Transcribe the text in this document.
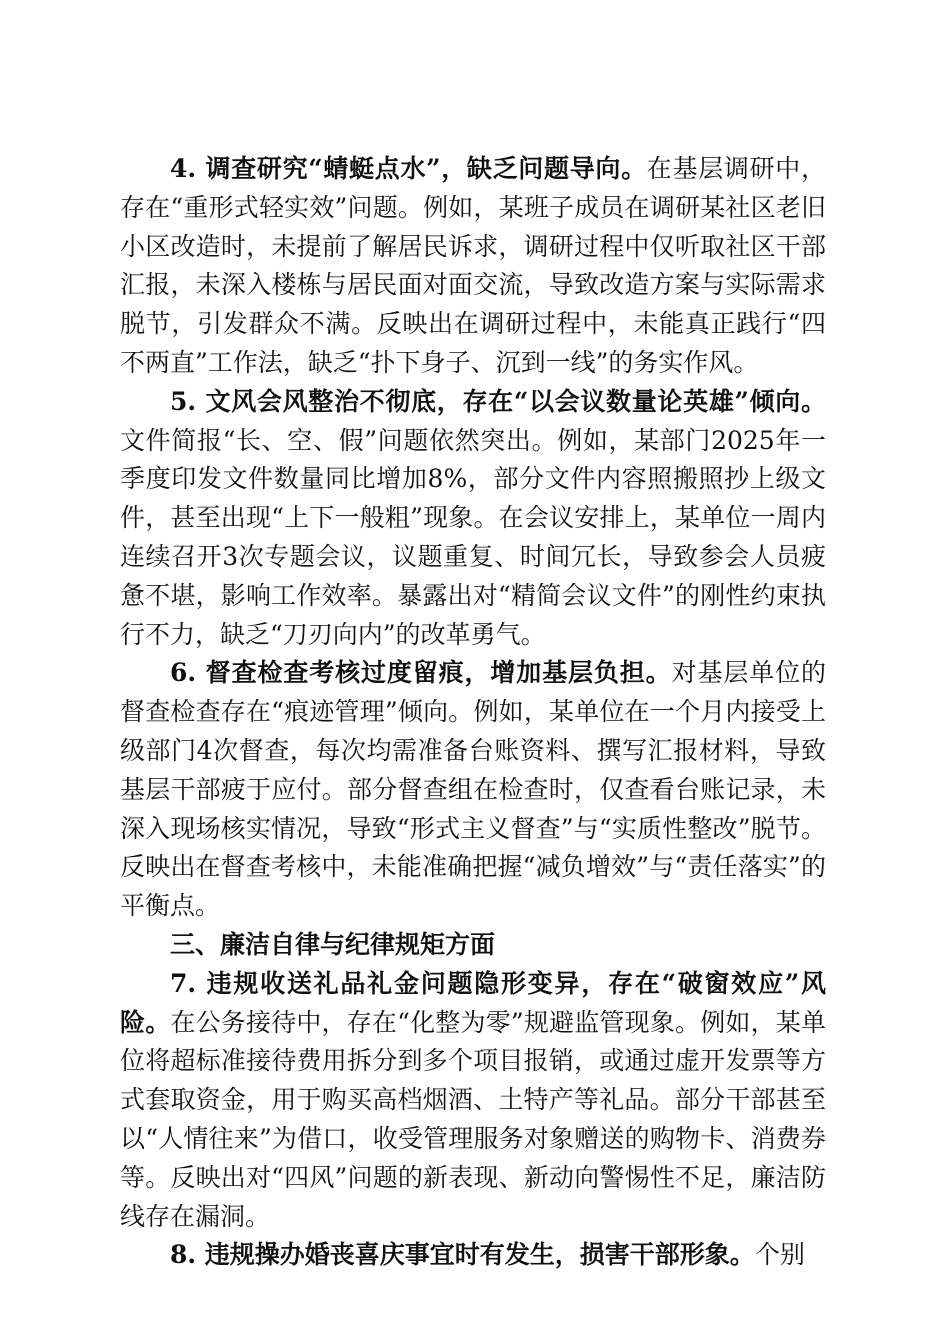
4. 调查研究“蜻蜓点水”，缺乏问题导向。在基层调研中，存在“重形式轻实效”问题。例如，某班子成员在调研某社区老旧小区改造时，未提前了解居民诉求，调研过程中仅听取社区干部汇报，未深入楼栋与居民面对面交流，导致改造方案与实际需求脱节，引发群众不满。反映出在调研过程中，未能真正践行“四不两直”工作法，缺乏“扑下身子、沉到一线”的务实作风。

5. 文风会风整治不彻底，存在“以会议数量论英雄”倾向。文件简报“长、空、假”问题依然突出。例如，某部门2025年一季度印发文件数量同比增加8%，部分文件内容照搬照抄上级文件，甚至出现“上下一般粗”现象。在会议安排上，某单位一周内连续召开3次专题会议，议题重复、时间冗长，导致参会人员疲惫不堪，影响工作效率。暴露出对“精简会议文件”的刚性约束执行不力，缺乏“刀刃向内”的改革勇气。

6. 督查检查考核过度留痕，增加基层负担。对基层单位的督查检查存在“痕迹管理”倾向。例如，某单位在一个月内接受上级部门4次督查，每次均需准备台账资料、撰写汇报材料，导致基层干部疲于应付。部分督查组在检查时，仅查看台账记录，未深入现场核实情况，导致“形式主义督查”与“实质性整改”脱节。反映出在督查考核中，未能准确把握“减负增效”与“责任落实”的平衡点。

三、廉洁自律与纪律规矩方面

7. 违规收送礼品礼金问题隐形变异，存在“破窗效应”风险。在公务接待中，存在“化整为零”规避监管现象。例如，某单位将超标准接待费用拆分到多个项目报销，或通过虚开发票等方式套取资金，用于购买高档烟酒、土特产等礼品。部分干部甚至以“人情往来”为借口，收受管理服务对象赠送的购物卡、消费券等。反映出对“四风”问题的新表现、新动向警惕性不足，廉洁防线存在漏洞。

8. 违规操办婚丧喜庆事宜时有发生，损害干部形象。个别
